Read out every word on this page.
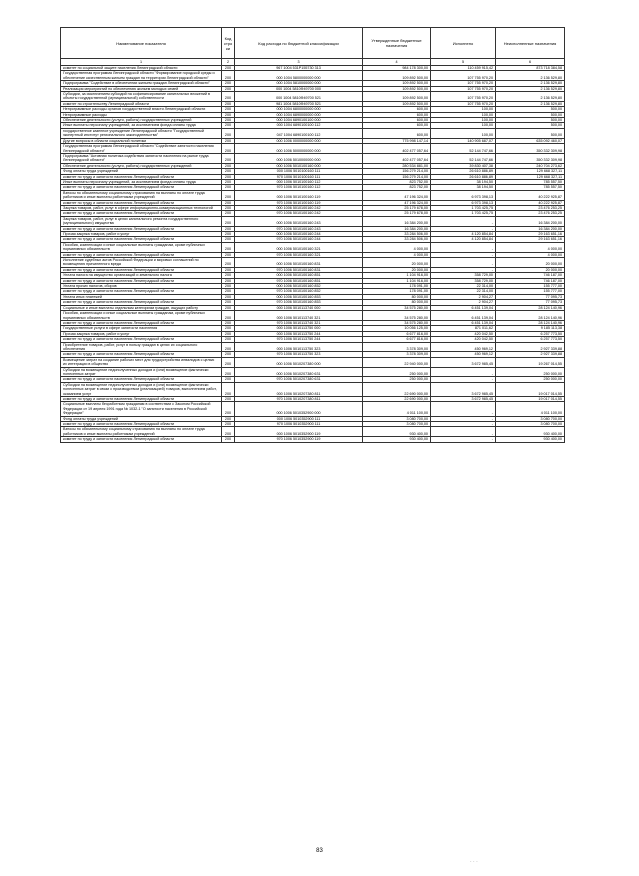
Наименование показателя	Код стро ки	Код расхода по бюджетной классификации	Утвержденные бюджетные назначения	Исполнено	Неисполненные назначения
1	2	3	4	5	6
комитет по социальной защите населения Ленинградской области	200	967 1004 531P155730 313	984 178 300,00	110 459 915,42	873 718 384,58
Государственная программа Ленинградской области "Формирование городской среды и обеспечение качественным жильем граждан на территории Ленинградской области"	200	000 1004 5800000000 000	109 892 500,00	107 755 970,20	2 136 529,80
Подпрограмма "Содействие в обеспечении жильем граждан Ленинградской области"	200	000 1004 5810000000 000	109 892 500,00	107 755 970,20	2 136 529,80
Реализация мероприятий по обеспечению жильем молодых семей	200	000 1004 5810Ф49700 000	109 892 500,00	107 755 970,20	2 136 529,80
Субсидии, за исключением субсидий на софинансирование капитальных вложений в объекты государственной (муниципальной) собственности	200	000 1004 5810Ф49700 521	109 892 500,00	107 755 970,20	2 136 529,80
комитет по строительству Ленинградской области	200	981 1004 5810Ф49700 521	109 892 500,00	107 755 970,20	2 136 529,80
Непрограммные расходы органов государственной власти Ленинградской области	200	000 1004 6800000000 000	600,00	100,00	500,00
Непрограммные расходы	200	000 1004 6890000000 000	600,00	100,00	500,00
Обеспечение деятельности (услуги, работы) государственных учреждений	200	000 1004 6890100100 000	600,00	100,00	500,00
Иные выплаты персоналу учреждений, за исключением фонда оплаты труда	200	000 1004 6890100100 112	600,00	100,00	500,00
государственное казенное учреждение Ленинградской области "Государственный экспертный институт регионального законодательства"	200	047 1004 6890100100 112	600,00	100,00	500,00
Другие вопросы в области социальной политики	200	000 1006 0000000000 000	775 998 147,14	140 905 687,07	635 092 460,07
Государственная программа Ленинградской области "Содействие занятости населения Ленинградской области"	200	000 1006 5000000000 000	402 477 057,64	52 144 747,66	350 332 309,98
Подпрограмма "Активная политика содействия занятости населения на рынке труда Ленинградской области"	200	000 1006 5010000000 000	402 477 057,64	52 144 747,66	350 332 309,98
Обеспечение деятельности (услуги, работы) государственных учреждений	200	000 1006 5010100160 000	280 534 881,00	39 830 407,38	240 704 273,62
Фонд оплаты труда учреждений	200	000 1006 5010100160 111	156 279 214,00	26 610 886,89	129 668 327,11
комитет по труду и занятости населения Ленинградской области	200	970 1006 5010100160 111	156 279 214,00	26 610 886,89	129 668 327,11
Иные выплаты персоналу учреждений, за исключением фонда оплаты труда	200	000 1006 5010100160 112	823 752,00	38 194,50	785 557,50
комитет по труду и занятости населения Ленинградской области	200	970 1006 5010100160 112	823 752,00	38 194,50	785 557,50
Взносы по обязательному социальному страхованию на выплаты по оплате труда работников и иные выплаты работникам учреждений	200	000 1006 5010100160 119	47 196 324,00	6 973 398,13	40 222 925,87
комитет по труду и занятости населения Ленинградской области	200	970 1006 5010100160 119	47 196 324,00	6 973 398,13	40 222 925,87
Закупка товаров, работ, услуг в сфере информационно-коммуникационных технологий	200	000 1006 5010100160 242	25 179 678,00	1 703 425,75	23 476 253,25
комитет по труду и занятости населения Ленинградской области	200	970 1006 5010100160 242	25 179 678,00	1 703 425,75	23 476 253,25
Закупка товаров, работ, услуг в целях капитального ремонта государственного (муниципального) имущества	200	000 1006 5010100160 243	16 384 200,00	-	16 384 200,00
комитет по труду и занятости населения Ленинградской области	200	970 1006 5010100160 243	16 384 200,00	-	16 384 200,00
Прочая закупка товаров, работ и услуг	200	000 1006 5010100160 244	33 284 506,00	4 120 854,84	29 163 651,16
комитет по труду и занятости населения Ленинградской области	200	970 1006 5010100160 244	33 284 506,00	4 120 854,84	29 163 651,16
Пособия, компенсации и иные социальные выплаты гражданам, кроме публичных нормативных обязательств	200	000 1006 5010100160 321	4 000,00	-	4 000,00
комитет по труду и занятости населения Ленинградской области	200	970 1006 5010100160 321	4 000,00	-	4 000,00
Исполнение судебных актов Российской Федерации и мировых соглашений по возмещению причиненного вреда	200	000 1006 5010100160 831	20 000,00	-	20 000,00
комитет по труду и занятости населения Ленинградской области	200	970 1006 5010100160 831	20 000,00	-	20 000,00
Уплата налога на имущество организаций и земельного налога	200	000 1006 5010100160 851	1 104 916,00	358 729,00	746 187,00
комитет по труду и занятости населения Ленинградской области	200	970 1006 5010100160 851	1 104 916,00	358 729,00	746 187,00
Уплата прочих налогов, сборов	200	000 1006 5010100160 852	178 091,00	22 314,00	155 777,00
комитет по труду и занятости населения Ленинградской области	200	970 1006 5010100160 852	178 091,00	22 314,00	155 777,00
Уплата иных платежей	200	000 1006 5010100160 853	80 000,00	2 904,27	77 095,73
комитет по труду и занятости населения Ленинградской области	200	970 1006 5010100160 853	80 000,00	2 904,27	77 095,73
Социальные и иные выплаты отдельным категориям граждан, ищущих работу	200	000 1006 5010113740 000	34 575 280,00	6 451 139,04	28 124 140,96
Пособия, компенсации и иные социальные выплаты гражданам, кроме публичных нормативных обязательств	200	000 1006 5010113740 321	34 575 280,00	6 451 139,04	28 124 140,96
комитет по труду и занятости населения Ленинградской области	200	970 1006 5010113740 321	34 575 280,00	6 451 139,04	28 124 140,96
Государственные услуги в сфере занятости населения	200	000 1006 5010113750 000	10 056 125,00	871 011,62	9 185 113,38
Прочая закупка товаров, работ и услуг	200	000 1006 5010113750 244	6 677 816,00	420 042,50	6 257 773,50
комитет по труду и занятости населения Ленинградской области	200	970 1006 5010113750 244	6 677 816,00	420 042,50	6 257 773,50
Приобретение товаров, работ, услуг в пользу граждан в целях их социального обеспечения	200	000 1006 5010113750 323	3 378 309,00	450 969,12	2 927 339,88
комитет по труду и занятости населения Ленинградской области	200	970 1006 5010113750 323	3 378 309,00	450 969,12	2 927 339,88
Возмещение затрат на создание рабочих мест для трудоустройства инвалидов с целью их интеграции в общество	200	000 1006 5010207380 000	22 940 000,00	3 672 985,45	19 267 014,55
Субсидии на возмещение недополученных доходов и (или) возмещение фактически понесенных затрат	200	000 1006 5010207380 631	250 000,00	-	250 000,00
комитет по труду и занятости населения Ленинградской области	200	970 1006 5010207380 631	250 000,00	-	250 000,00
Субсидии на возмещение недополученных доходов и (или) возмещение фактически понесенных затрат в связи с производством (реализацией) товаров, выполнением работ, оказанием услуг	200	000 1006 5010207380 811	22 690 000,00	3 672 985,45	19 017 014,55
комитет по труду и занятости населения Ленинградской области	200	970 1006 5010207380 811	22 690 000,00	3 672 985,45	19 017 014,55
Социальные выплаты безработным гражданам в соответствии с Законом Российской Федерации от 19 апреля 1991 года № 1032-1 "О занятости населения в Российской Федерации"	200	000 1006 5010352900 000	4 011 100,00	-	4 011 100,00
Фонд оплаты труда учреждений	200	000 1006 5010352900 111	3 080 700,00	-	3 080 700,00
комитет по труду и занятости населения Ленинградской области	200	970 1006 5010352900 111	3 080 700,00	-	3 080 700,00
Взносы по обязательному социальному страхованию на выплаты по оплате труда работников и иные выплаты работникам учреждений	200	000 1006 5010352900 119	930 400,00	-	930 400,00
комитет по труду и занятости населения Ленинградской области	200	970 1006 5010352900 119	930 400,00	-	930 400,00
83
· · ·
